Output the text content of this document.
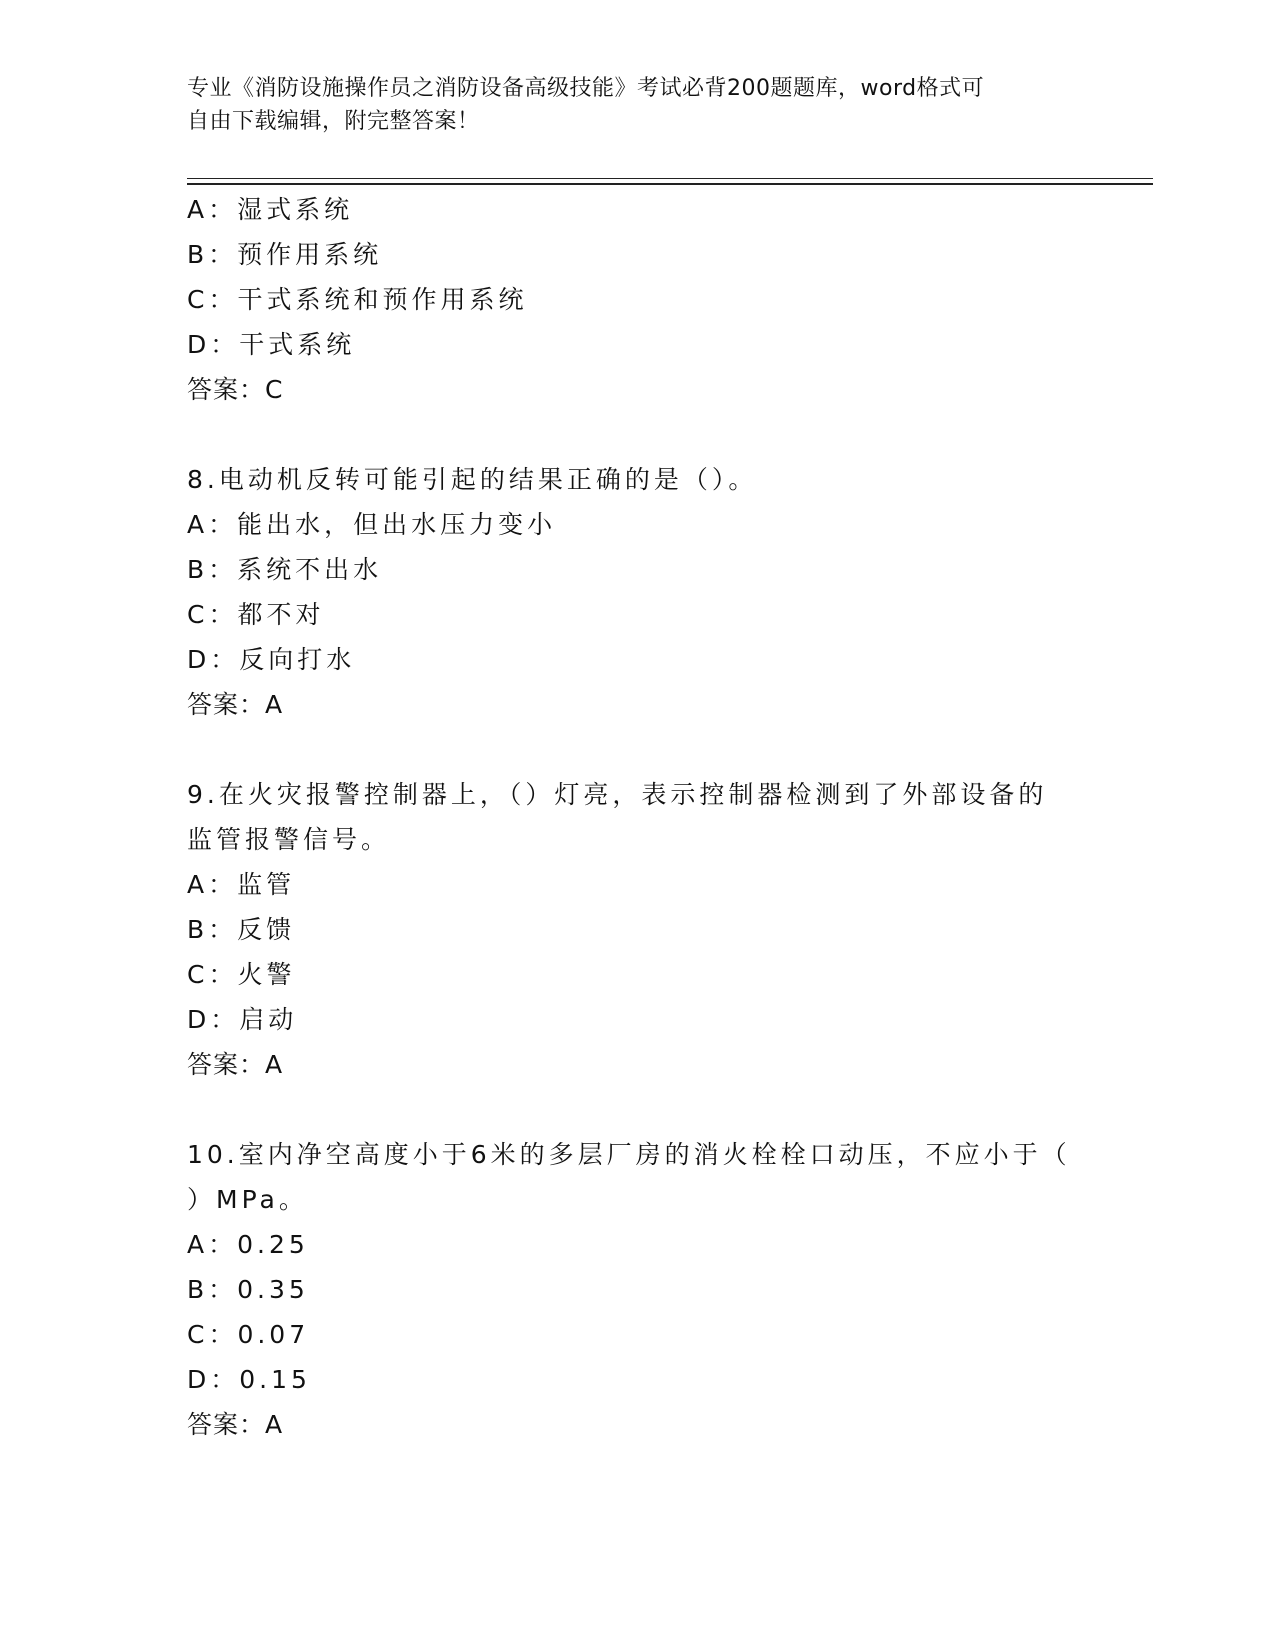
专业《消防设施操作员之消防设备高级技能》考试必背200题题库，word格式可
自由下载编辑，附完整答案！
A：湿式系统
B：预作用系统
C：干式系统和预作用系统
D：干式系统
答案：C
8.电动机反转可能引起的结果正确的是（）。
A：能出水，但出水压力变小
B：系统不出水
C：都不对
D：反向打水
答案：A
9.在火灾报警控制器上，（）灯亮，表示控制器检测到了外部设备的
监管报警信号。
A：监管
B：反馈
C：火警
D：启动
答案：A
10.室内净空高度小于6米的多层厂房的消火栓栓口动压，不应小于（
）MPa。
A：0.25
B：0.35
C：0.07
D：0.15
答案：A
